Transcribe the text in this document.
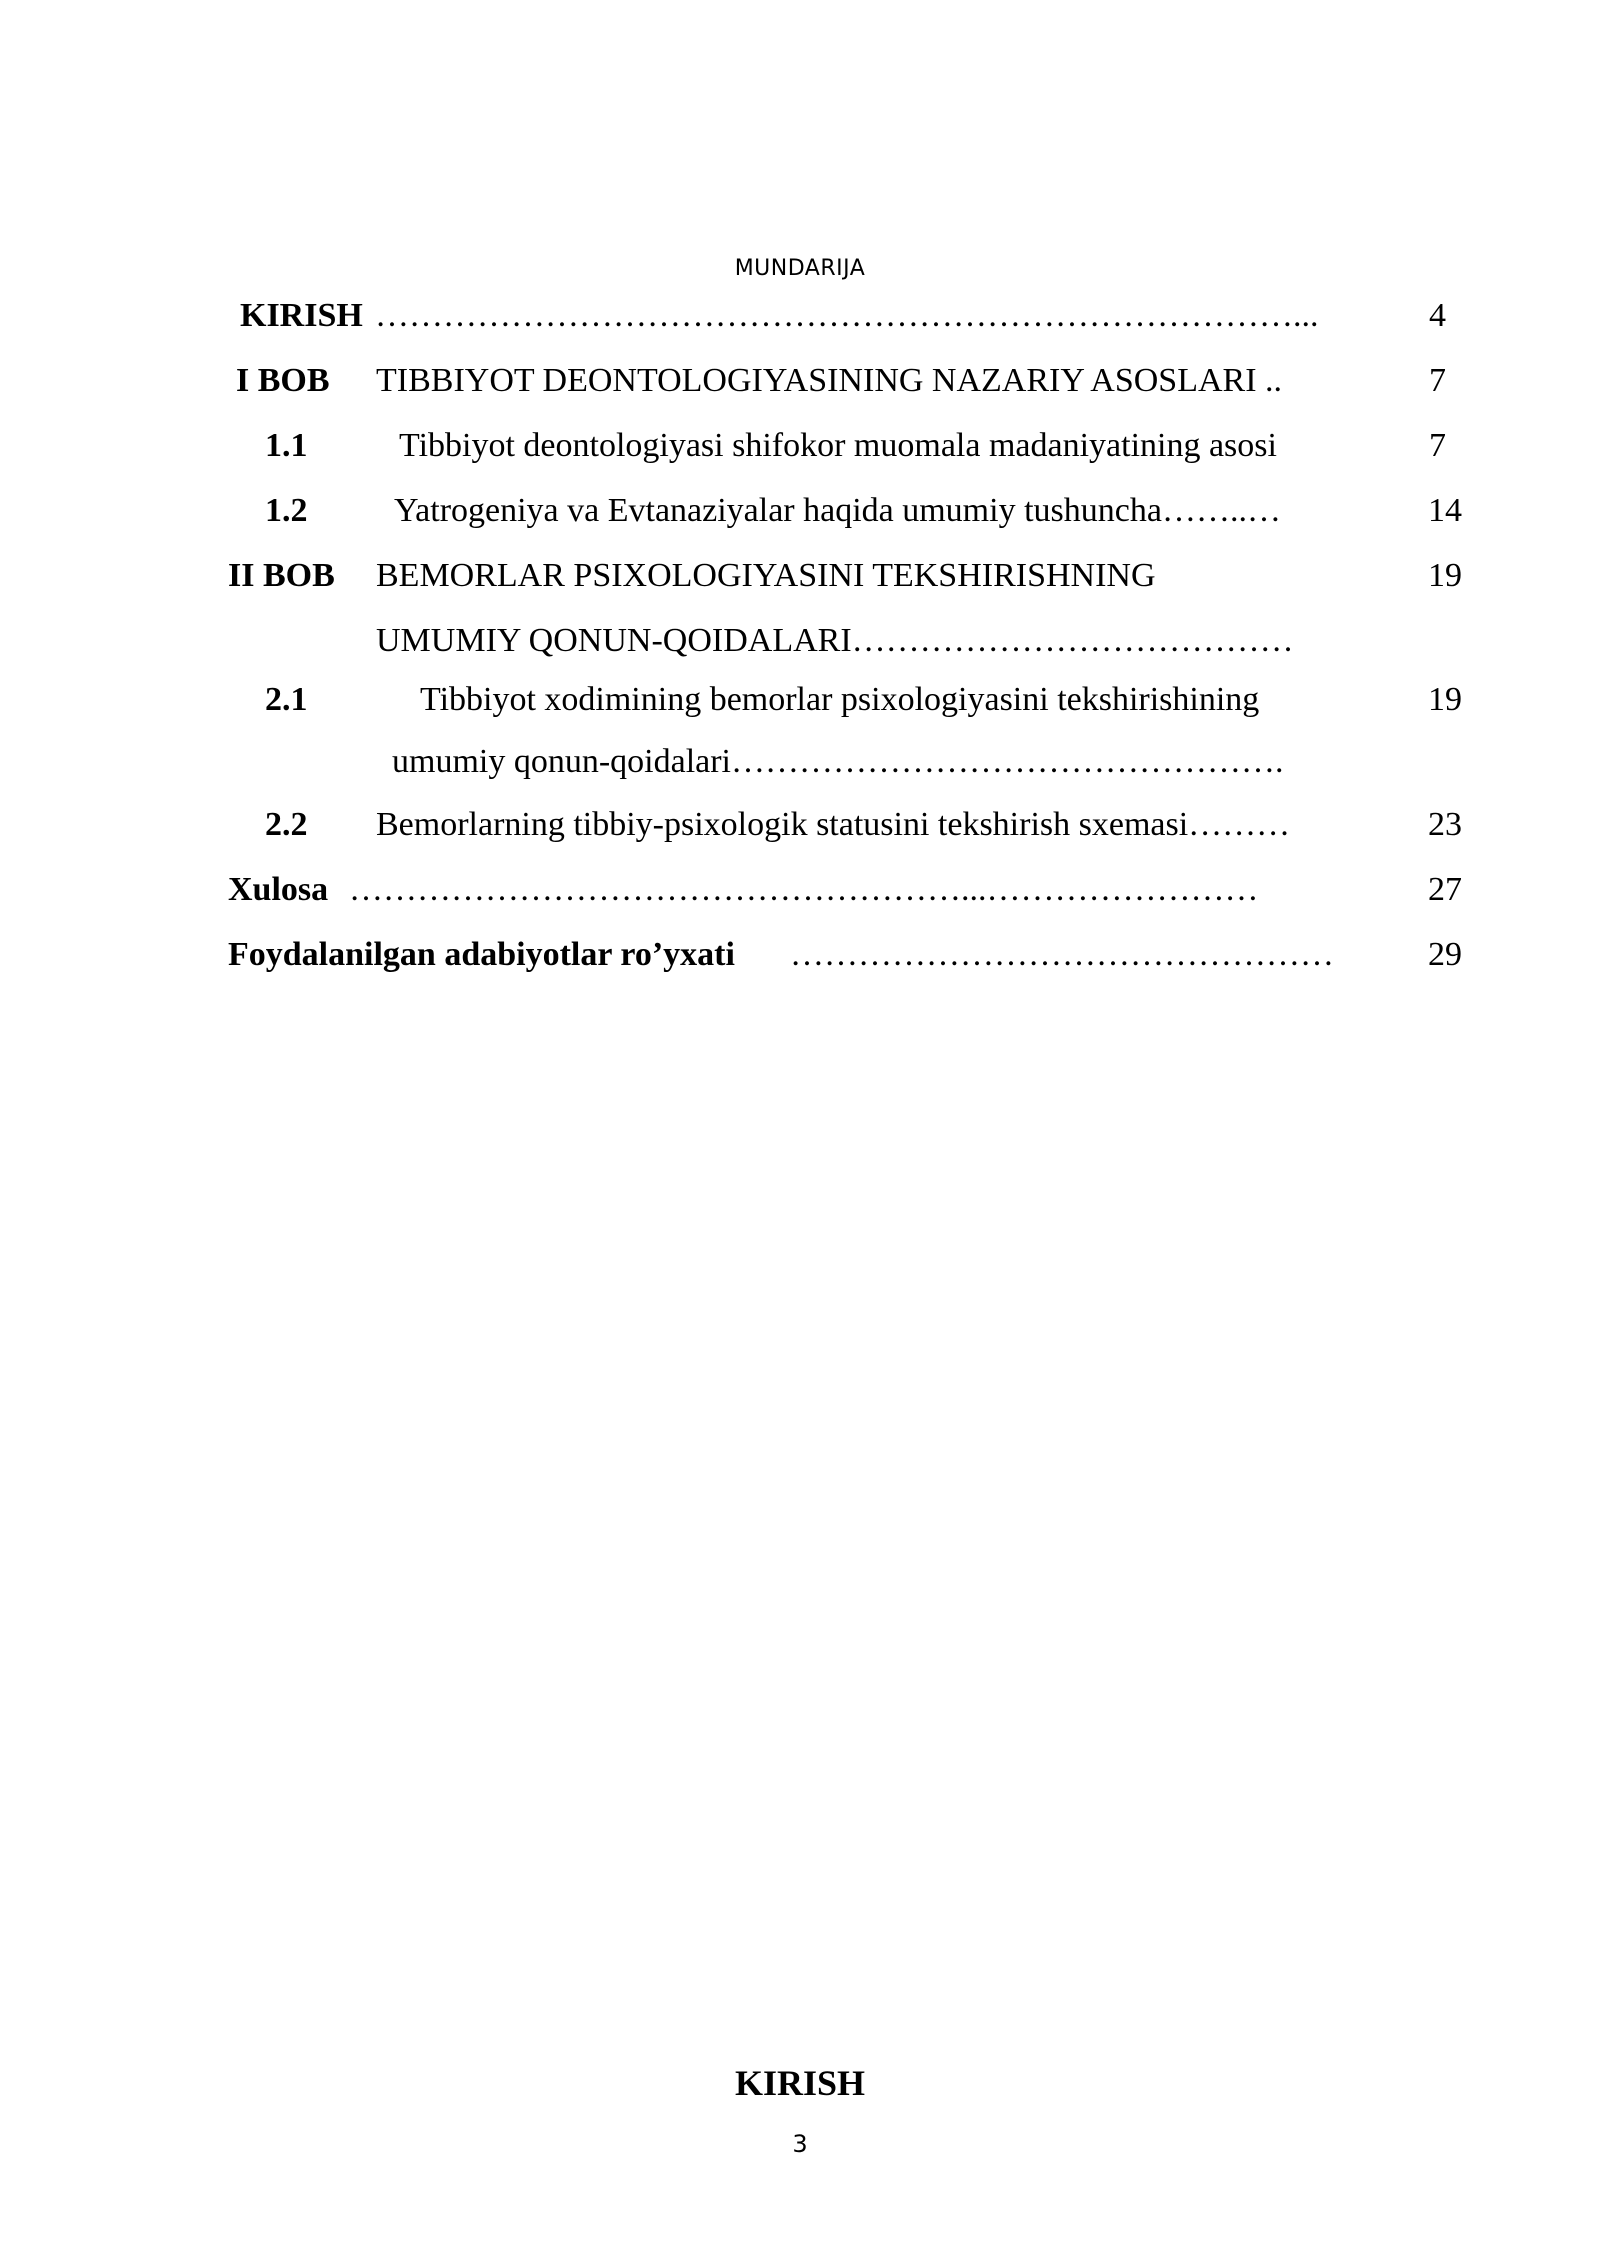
MUNDARIJA
KIRISH ………………………………………………………………………...	4
I BOB TIBBIYOT DEONTOLOGIYASINING NAZARIY ASOSLARI ..	7
1.1	Tibbiyot deontologiyasi shifokor muomala madaniyatining asosi	7
1.2	Yatrogeniya va Evtanaziyalar haqida umumiy tushuncha……..…	14
II BOB BEMORLAR PSIXOLOGIYASINI TEKSHIRISHNING	19
UMUMIY QONUN-QOIDALARI…………………………………
2.1	Tibbiyot xodimining bemorlar psixologiyasini tekshirishining	19
umumiy qonun-qoidalari………………………………………….
2.2 Bemorlarning tibbiy-psixologik statusini tekshirish sxemasi………	23
Xulosa ………………………………………………...……………………	27
Foydalanilgan adabiyotlar ro’yxati …………………………………………	29
KIRISH
3
